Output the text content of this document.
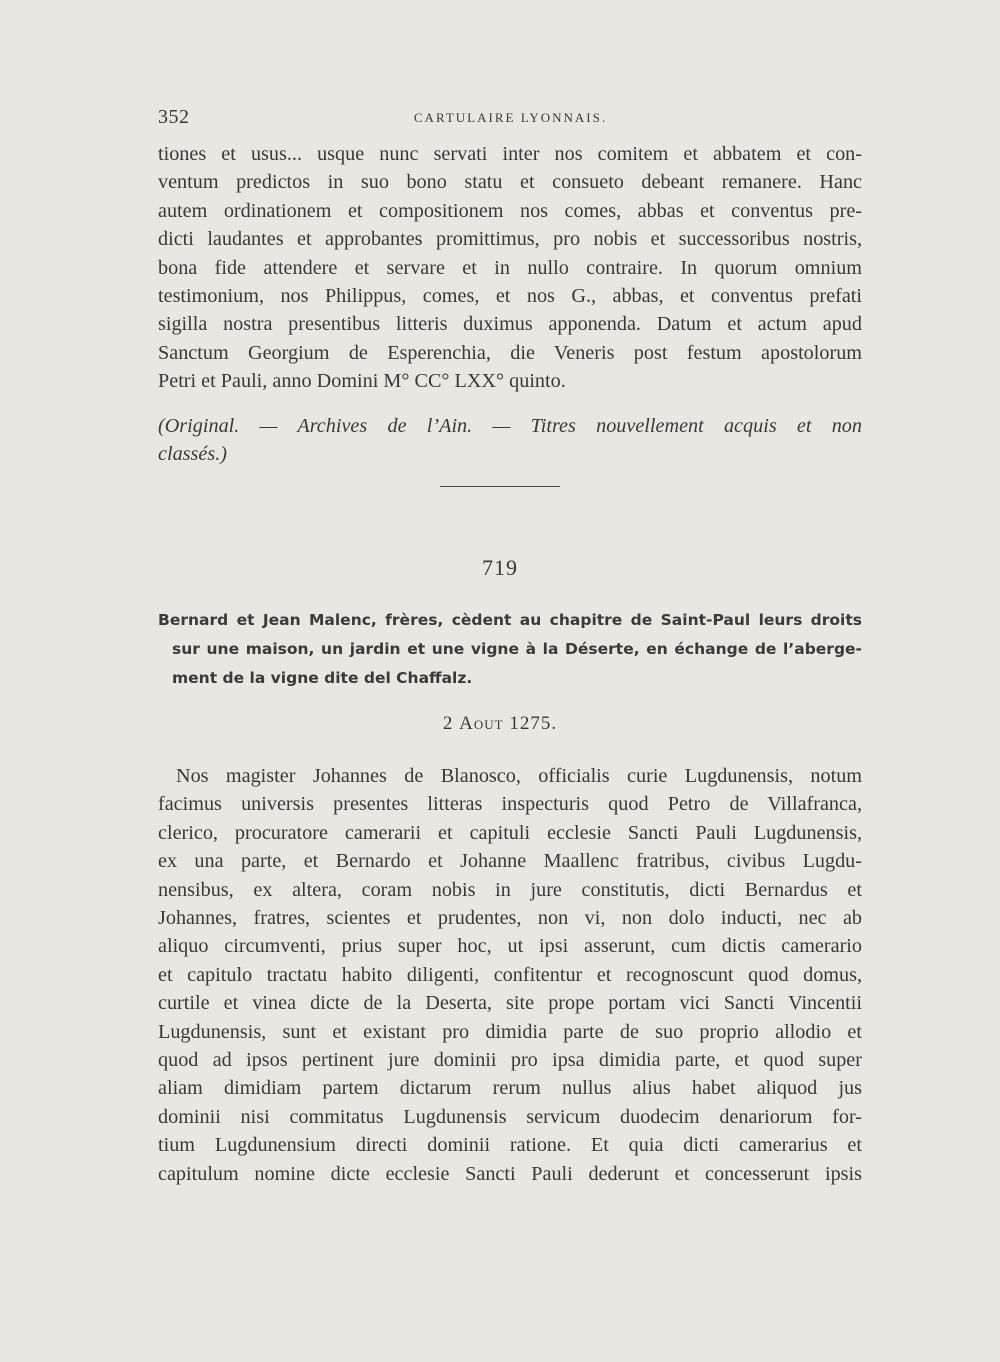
352	CARTULAIRE LYONNAIS.
tiones et usus... usque nunc servati inter nos comitem et abbatem et con-
ventum predictos in suo bono statu et consueto debeant remanere. Hanc
autem ordinationem et compositionem nos comes, abbas et conventus pre-
dicti laudantes et approbantes promittimus, pro nobis et successoribus nostris,
bona fide attendere et servare et in nullo contraire. In quorum omnium
testimonium, nos Philippus, comes, et nos G., abbas, et conventus prefati
sigilla nostra presentibus litteris duximus apponenda. Datum et actum apud
Sanctum Georgium de Esperenchia, die Veneris post festum apostolorum
Petri et Pauli, anno Domini M° CC° LXX° quinto.
(Original. — Archives de l’Ain. — Titres nouvellement acquis et non
classés.)
719
Bernard et Jean Malenc, frères, cèdent au chapitre de Saint-Paul leurs droits
sur une maison, un jardin et une vigne à la Déserte, en échange de l’aberge-
ment de la vigne dite del Chaffalz.
2 Aout 1275.
Nos magister Johannes de Blanosco, officialis curie Lugdunensis, notum
facimus universis presentes litteras inspecturis quod Petro de Villafranca,
clerico, procuratore camerarii et capituli ecclesie Sancti Pauli Lugdunensis,
ex una parte, et Bernardo et Johanne Maallenc fratribus, civibus Lugdu-
nensibus, ex altera, coram nobis in jure constitutis, dicti Bernardus et
Johannes, fratres, scientes et prudentes, non vi, non dolo inducti, nec ab
aliquo circumventi, prius super hoc, ut ipsi asserunt, cum dictis camerario
et capitulo tractatu habito diligenti, confitentur et recognoscunt quod domus,
curtile et vinea dicte de la Deserta, site prope portam vici Sancti Vincentii
Lugdunensis, sunt et existant pro dimidia parte de suo proprio allodio et
quod ad ipsos pertinent jure dominii pro ipsa dimidia parte, et quod super
aliam dimidiam partem dictarum rerum nullus alius habet aliquod jus
dominii nisi commitatus Lugdunensis servicum duodecim denariorum for-
tium Lugdunensium directi dominii ratione. Et quia dicti camerarius et
capitulum nomine dicte ecclesie Sancti Pauli dederunt et concesserunt ipsis
